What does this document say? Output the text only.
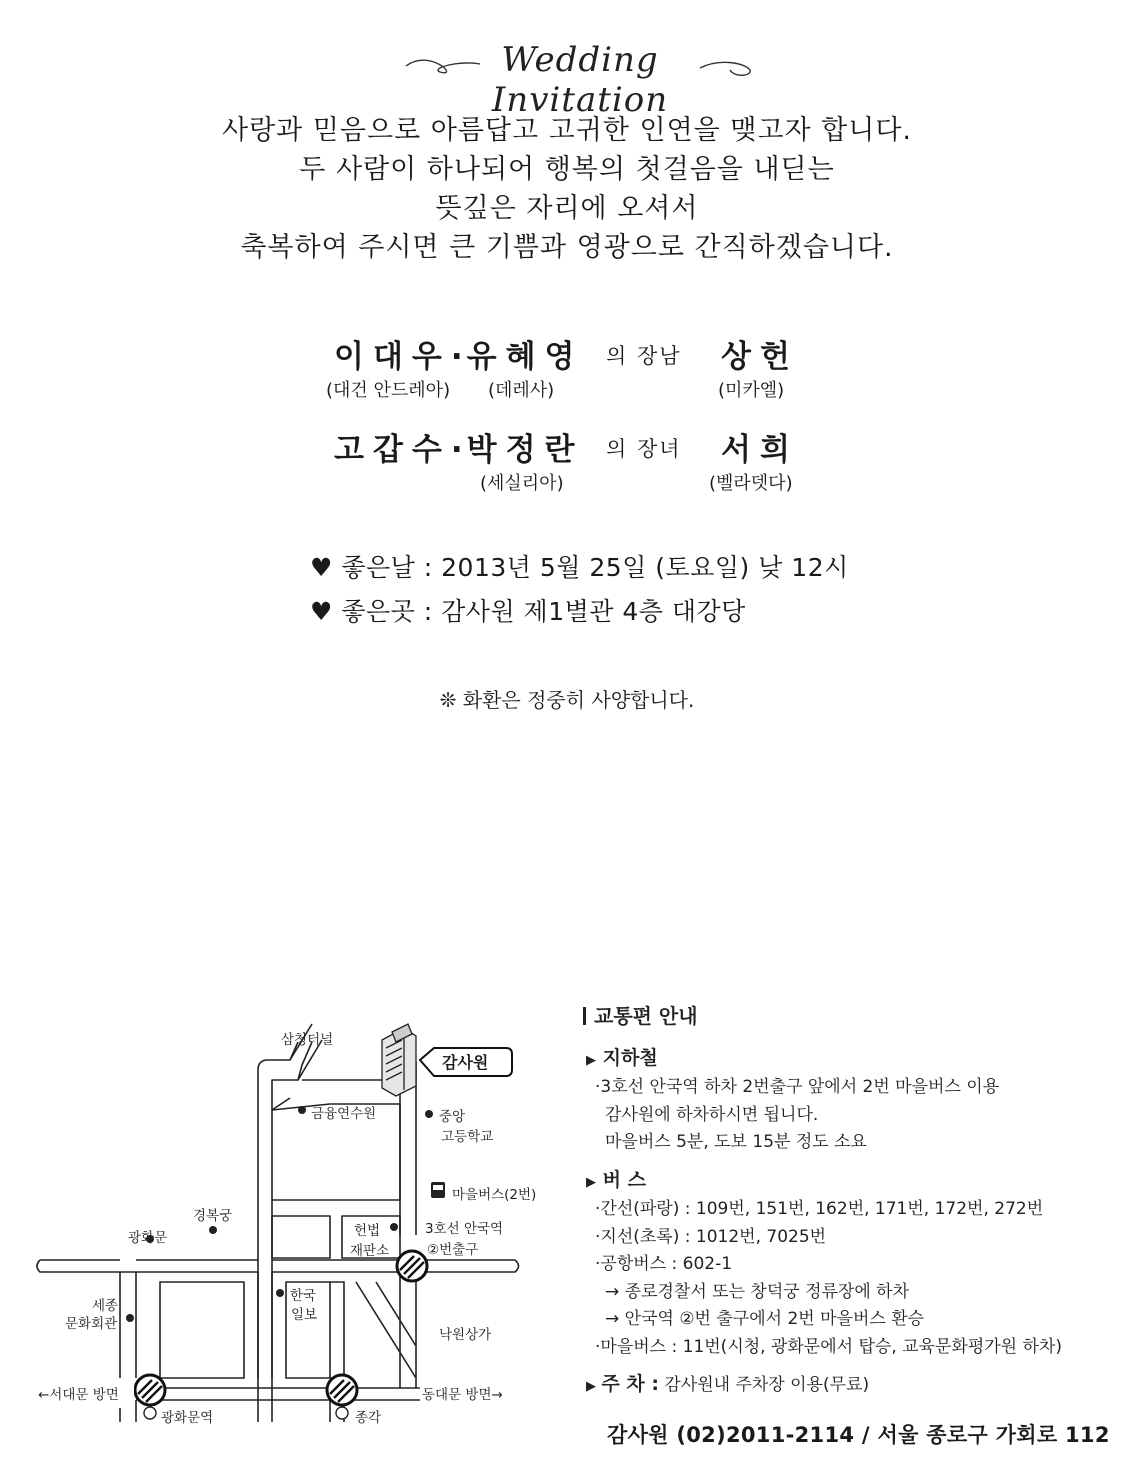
Wedding Invitation
사랑과 믿음으로 아름답고 고귀한 인연을 맺고자 합니다.
두 사람이 하나되어 행복의 첫걸음을 내딛는
뜻깊은 자리에 오셔서
축복하여 주시면 큰 기쁨과 영광으로 간직하겠습니다.
이대우·유혜영 의 장남 상헌
(대건 안드레아) (데레사)	(미카엘)
고갑수·박정란 의 장녀 서희
(세실리아)	(벨라뎃다)
♥ 좋은날 : 2013년 5월 25일 (토요일) 낮 12시
♥ 좋은곳 : 감사원 제1별관 4층 대강당
❊ 화환은 정중히 사양합니다.
감사원
삼청터널
금융연수원	중앙
고등학교
마을버스(2번)
경복궁
광화문	헌법
재판소
3호선 안국역
②번출구
세종
문화회관
한국
일보
낙원상가
←서대문 방면	동대문 방면→
광화문역	종각
교통편 안내
▶ 지하철
·3호선 안국역 하차 2번출구 앞에서 2번 마을버스 이용
감사원에 하차하시면 됩니다.
마을버스 5분, 도보 15분 정도 소요
▶ 버 스
·간선(파랑) : 109번, 151번, 162번, 171번, 172번, 272번
·지선(초록) : 1012번, 7025번
·공항버스 : 602-1
→ 종로경찰서 또는 창덕궁 정류장에 하차
→ 안국역 ②번 출구에서 2번 마을버스 환승
·마을버스 : 11번(시청, 광화문에서 탑승, 교육문화평가원 하차)
▶ 주 차 : 감사원내 주차장 이용(무료)
감사원 (02)2011-2114 / 서울 종로구 가회로 112
